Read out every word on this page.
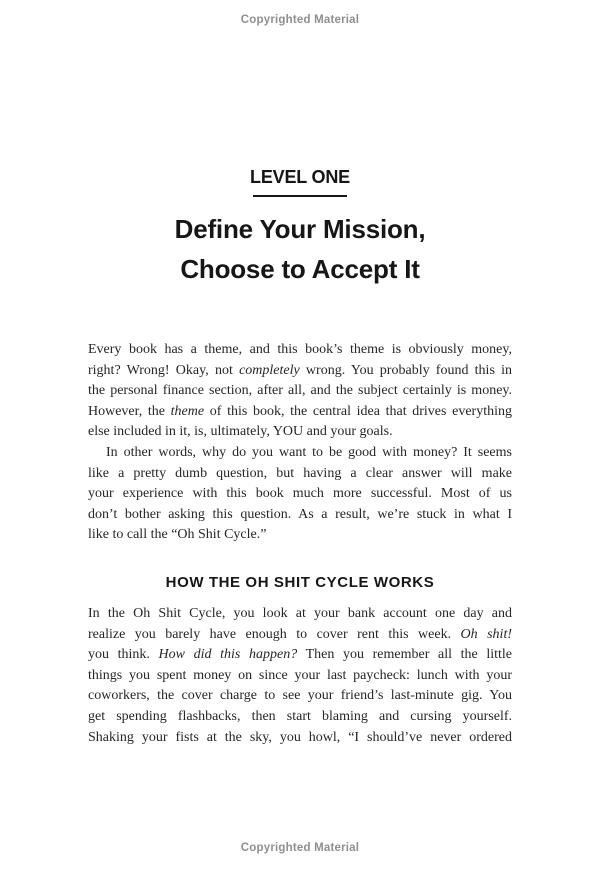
Copyrighted Material
LEVEL ONE
Define Your Mission,
Choose to Accept It
Every book has a theme, and this book’s theme is obviously money,
right? Wrong! Okay, not completely wrong. You probably found this in
the personal finance section, after all, and the subject certainly is money.
However, the theme of this book, the central idea that drives everything
else included in it, is, ultimately, YOU and your goals.
In other words, why do you want to be good with money? It seems
like a pretty dumb question, but having a clear answer will make
your experience with this book much more successful. Most of us
don’t bother asking this question. As a result, we’re stuck in what I
like to call the “Oh Shit Cycle.”
HOW THE OH SHIT CYCLE WORKS
In the Oh Shit Cycle, you look at your bank account one day and
realize you barely have enough to cover rent this week. Oh shit!
you think. How did this happen? Then you remember all the little
things you spent money on since your last paycheck: lunch with your
coworkers, the cover charge to see your friend’s last-minute gig. You
get spending flashbacks, then start blaming and cursing yourself.
Shaking your fists at the sky, you howl, “I should’ve never ordered
Copyrighted Material
